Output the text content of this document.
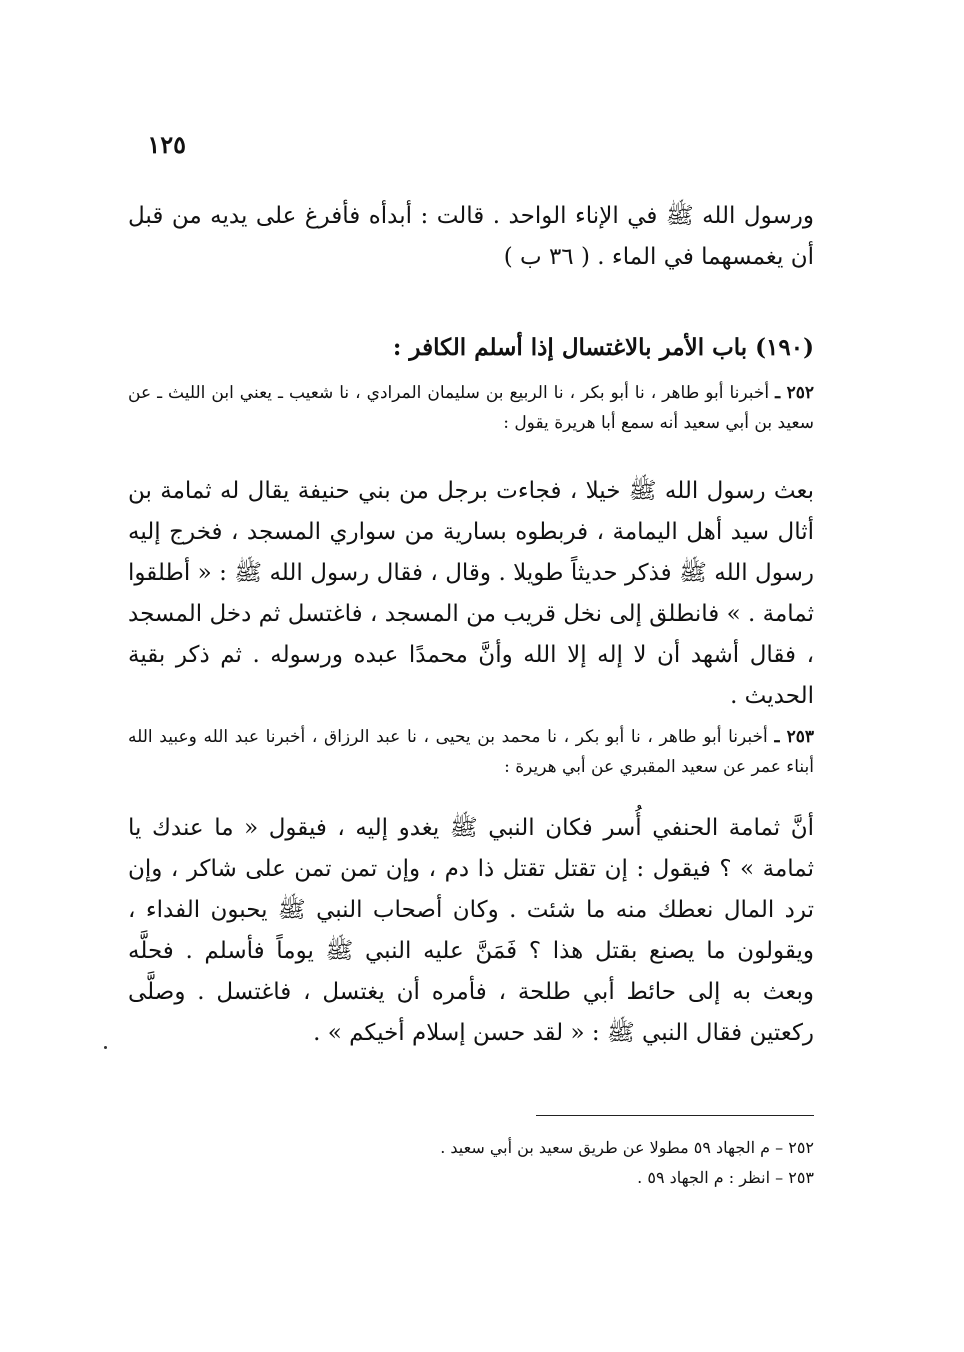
١٢٥
ورسول الله ﷺ في الإناء الواحد . قالت : أبدأه فأفرغ على يديه من قبل أن يغمسهما في الماء . ( ٣٦ ب )
(١٩٠) باب الأمر بالاغتسال إذا أسلم الكافر :
٢٥٢ ـ أخبرنا أبو طاهر ، نا أبو بكر ، نا الربيع بن سليمان المرادي ، نا شعيب ـ يعني ابن الليث ـ عن سعيد بن أبي سعيد أنه سمع أبا هريرة يقول :
بعث رسول الله ﷺ خيلا ، فجاءت برجل من بني حنيفة يقال له ثمامة بن أثال سيد أهل اليمامة ، فربطوه بسارية من سواري المسجد ، فخرج إليه رسول الله ﷺ فذكر حديثاً طويلا . وقال ، فقال رسول الله ﷺ : « أطلقوا ثمامة . » فانطلق إلى نخل قريب من المسجد ، فاغتسل ثم دخل المسجد ، فقال أشهد أن لا إله إلا الله وأنَّ محمدًا عبده ورسوله . ثم ذكر بقية الحديث .
٢٥٣ ـ أخبرنا أبو طاهر ، نا أبو بكر ، نا محمد بن يحيى ، نا عبد الرزاق ، أخبرنا عبد الله وعبيد الله أبناء عمر عن سعيد المقبري عن أبي هريرة :
أنَّ ثمامة الحنفي أُسر فكان النبي ﷺ يغدو إليه ، فيقول « ما عندك يا ثمامة » ؟ فيقول : إن تقتل تقتل ذا دم ، وإن تمن تمن على شاكر ، وإن ترد المال نعطك منه ما شئت . وكان أصحاب النبي ﷺ يحبون الفداء ، ويقولون ما يصنع بقتل هذا ؟ فَمَنَّ عليه النبي ﷺ يوماً فأسلم . فحلَّه وبعث به إلى حائط أبي طلحة ، فأمره أن يغتسل ، فاغتسل . وصلَّى ركعتين فقال النبي ﷺ : « لقد حسن إسلام أخيكم » .
٢٥٢ – م الجهاد ٥٩ مطولا عن طريق سعيد بن أبي سعيد .
٢٥٣ – انظر : م الجهاد ٥٩ .
